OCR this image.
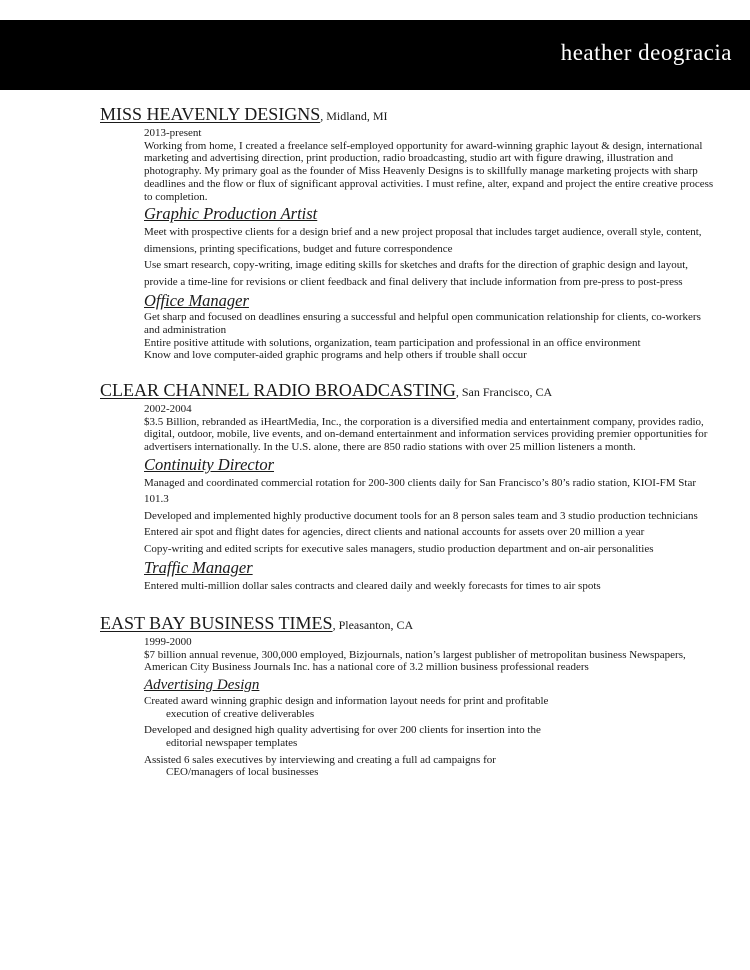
heather deogracia
MISS HEAVENLY DESIGNS, Midland, MI
2013-present
Working from home, I created a freelance self-employed opportunity for award-winning graphic layout & design, international marketing and advertising direction, print production, radio broadcasting, studio art with figure drawing, illustration and photography. My primary goal as the founder of Miss Heavenly Designs is to skillfully manage marketing projects with sharp deadlines and the flow or flux of significant approval activities. I must refine, alter, expand and project the entire creative process to completion.
Graphic Production Artist
Meet with prospective clients for a design brief and a new project proposal that includes target audience, overall style, content, dimensions, printing specifications, budget and future correspondence
Use smart research, copy-writing, image editing skills for sketches and drafts for the direction of graphic design and layout, provide a time-line for revisions or client feedback and final delivery that include information from pre-press to post-press
Office Manager
Get sharp and focused on deadlines ensuring a successful and helpful open communication relationship for clients, co-workers and administration
Entire positive attitude with solutions, organization, team participation and professional in an office environment
Know and love computer-aided graphic programs and help others if trouble shall occur
CLEAR CHANNEL RADIO BROADCASTING, San Francisco, CA
2002-2004
$3.5 Billion, rebranded as iHeartMedia, Inc., the corporation is a diversified media and entertainment company, provides radio, digital, outdoor, mobile, live events, and on-demand entertainment and information services providing premier opportunities for advertisers internationally. In the U.S. alone, there are 850 radio stations with over 25 million listeners a month.
Continuity Director
Managed and coordinated commercial rotation for 200-300 clients daily for San Francisco’s 80’s radio station, KIOI-FM Star 101.3
Developed and implemented highly productive document tools for an 8 person sales team and 3 studio production technicians
Entered air spot and flight dates for agencies, direct clients and national accounts for assets over 20 million a year
Copy-writing and edited scripts for executive sales managers, studio production department and on-air personalities
Traffic Manager
Entered multi-million dollar sales contracts and cleared daily and weekly forecasts for times to air spots
EAST BAY BUSINESS TIMES, Pleasanton, CA
1999-2000
$7 billion annual revenue, 300,000 employed, Bizjournals, nation’s largest publisher of metropolitan business Newspapers, American City Business Journals Inc. has a national core of 3.2 million business professional readers
Advertising Design
Created award winning graphic design and information layout needs for print and profitable
execution of creative deliverables
Developed and designed high quality advertising for over 200 clients for insertion into the
editorial newspaper templates
Assisted 6 sales executives by interviewing and creating a full ad campaigns for
CEO/managers of local businesses
